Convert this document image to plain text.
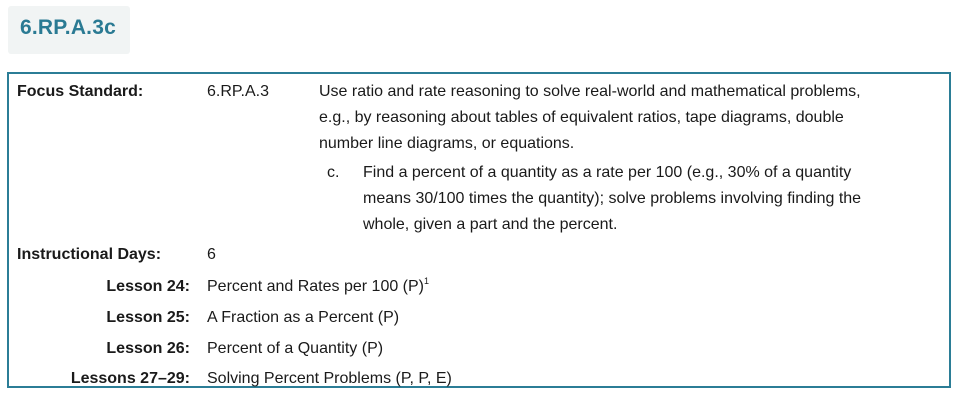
6.RP.A.3c
Focus Standard:	6.RP.A.3	Use ratio and rate reasoning to solve real-world and mathematical problems,
e.g., by reasoning about tables of equivalent ratios, tape diagrams, double
number line diagrams, or equations.
c. Find a percent of a quantity as a rate per 100 (e.g., 30% of a quantity
means 30/100 times the quantity); solve problems involving finding the
whole, given a part and the percent.
Instructional Days:	6
Lesson 24: Percent and Rates per 100 $(P)^1$
Lesson 25: A Fraction as a Percent (P)
Lesson 26: Percent of a Quantity (P)
Lessons 27–29: Solving Percent Problems (P, P, E)
